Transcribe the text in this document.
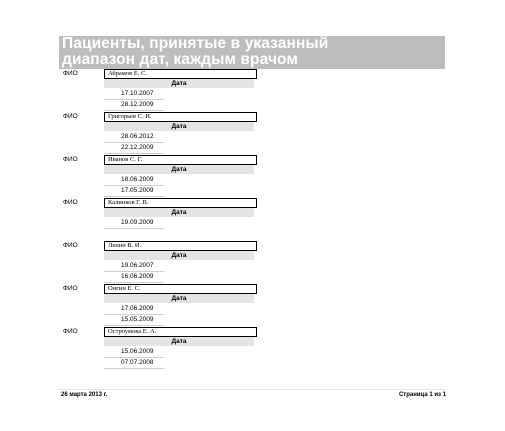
Пациенты, принятые в указанный
диапазон дат, каждым врачом
ФИО	Абрамов Е. С.
Дата
17.10.2007
28.12.2009
ФИО	Григорьев С. И.
Дата
28.06.2012
22.12.2009
ФИО	Иванов С. Г.
Дата
18.06.2009
17.05.2009
ФИО	Калинков Г. В.
Дата
19.09.2009
ФИО	Ленин В. И.
Дата
19.06.2007
16.06.2009
ФИО	Онгин Е. С.
Дата
17.06.2009
15.05.2009
ФИО	Остроумова Е. А.
Дата
15.06.2009
07.07.2008
26 марта 2013 г.	Страница 1 из 1
